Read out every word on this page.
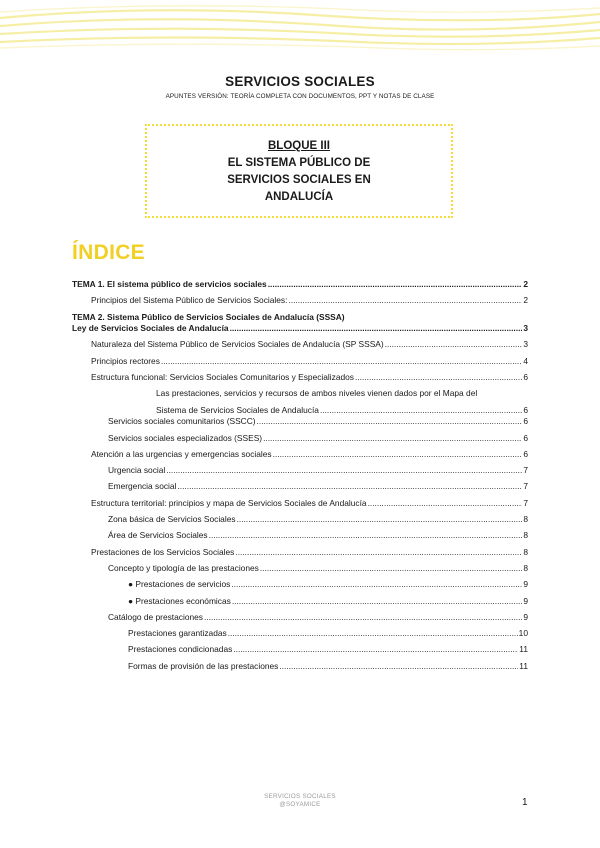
SERVICIOS SOCIALES
APUNTES VERSIÓN: TEORÍA COMPLETA CON DOCUMENTOS, PPT Y NOTAS DE CLASE
BLOQUE III
EL SISTEMA PÚBLICO DE
SERVICIOS SOCIALES EN
ANDALUCÍA
ÍNDICE
TEMA 1. El sistema público de servicios sociales .....	2
Principios del Sistema Público de Servicios Sociales: .....	2
TEMA 2. Sistema Público de Servicios Sociales de Andalucía (SSSA)
Ley de Servicios Sociales de Andalucía .....	3
Naturaleza del Sistema Público de Servicios Sociales de Andalucía (SP SSSA) .....	3
Principios rectores .....	4
Estructura funcional: Servicios Sociales Comunitarios y Especializados .....	6
Las prestaciones, servicios y recursos de ambos niveles vienen dados por el Mapa del
Sistema de Servicios Sociales de Andalucía .....	6
Servicios sociales comunitarios (SSCC) .....	6
Servicios sociales especializados (SSES) .....	6
Atención a las urgencias y emergencias sociales .....	6
Urgencia social .....	7
Emergencia social .....	7
Estructura territorial: principios y mapa de Servicios Sociales de Andalucía .....	7
Zona básica de Servicios Sociales .....	8
Área de Servicios Sociales .....	8
Prestaciones de los Servicios Sociales .....	8
Concepto y tipología de las prestaciones .....	8
● Prestaciones de servicios .....	9
● Prestaciones económicas .....	9
Catálogo de prestaciones .....	9
Prestaciones garantizadas .....	10
Prestaciones condicionadas .....	11
Formas de provisión de las prestaciones .....	11
SERVICIOS SOCIALES
@SOYAMICE	1
